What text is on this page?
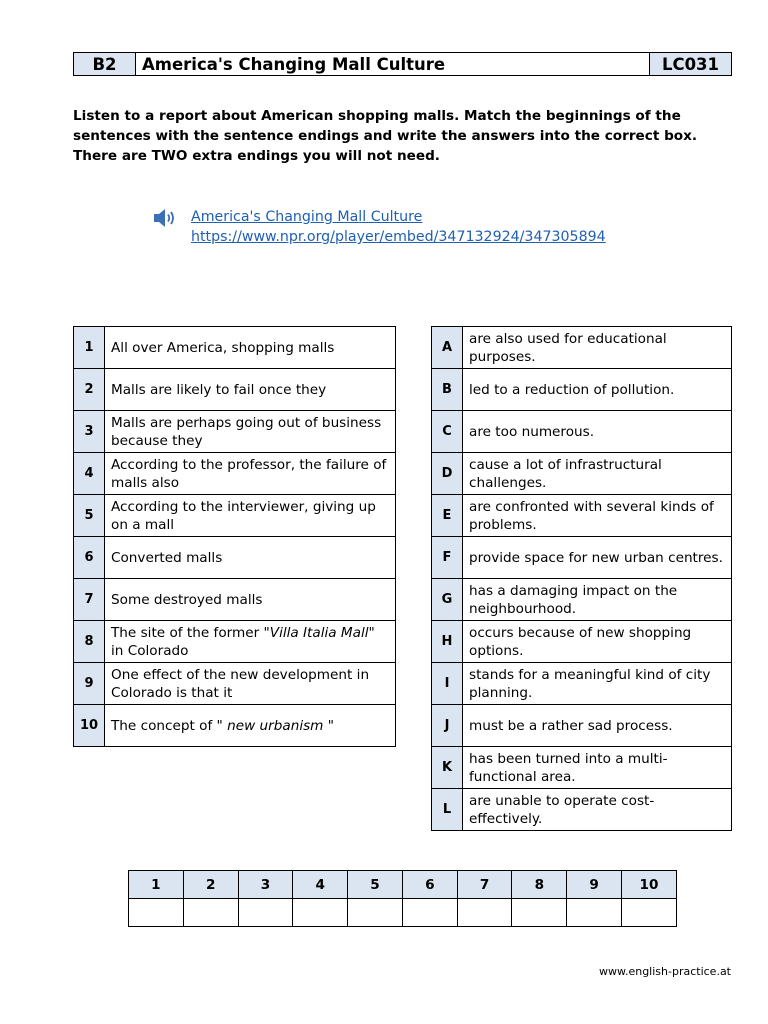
B2	America's Changing Mall Culture	LC031

Listen to a report about American shopping malls. Match the beginnings of the sentences with the sentence endings and write the answers into the correct box. There are TWO extra endings you will not need.

America's Changing Mall Culture
https://www.npr.org/player/embed/347132924/347305894
1	All over America, shopping malls
2	Malls are likely to fail once they
3	Malls are perhaps going out of business because they
4	According to the professor, the failure of malls also
5	According to the interviewer, giving up on a mall
6	Converted malls
7	Some destroyed malls
8	The site of the former "Villa Italia Mall" in Colorado
9	One effect of the new development in Colorado is that it
10	The concept of " new urbanism "
A	are also used for educational purposes.
B	led to a reduction of pollution.
C	are too numerous.
D	cause a lot of infrastructural challenges.
E	are confronted with several kinds of problems.
F	provide space for new urban centres.
G	has a damaging impact on the neighbourhood.
H	occurs because of new shopping options.
I	stands for a meaningful kind of city planning.
J	must be a rather sad process.
K	has been turned into a multi-functional area.
L	are unable to operate cost-effectively.
1	2	3	4	5	6	7	8	9	10

www.english-practice.at
